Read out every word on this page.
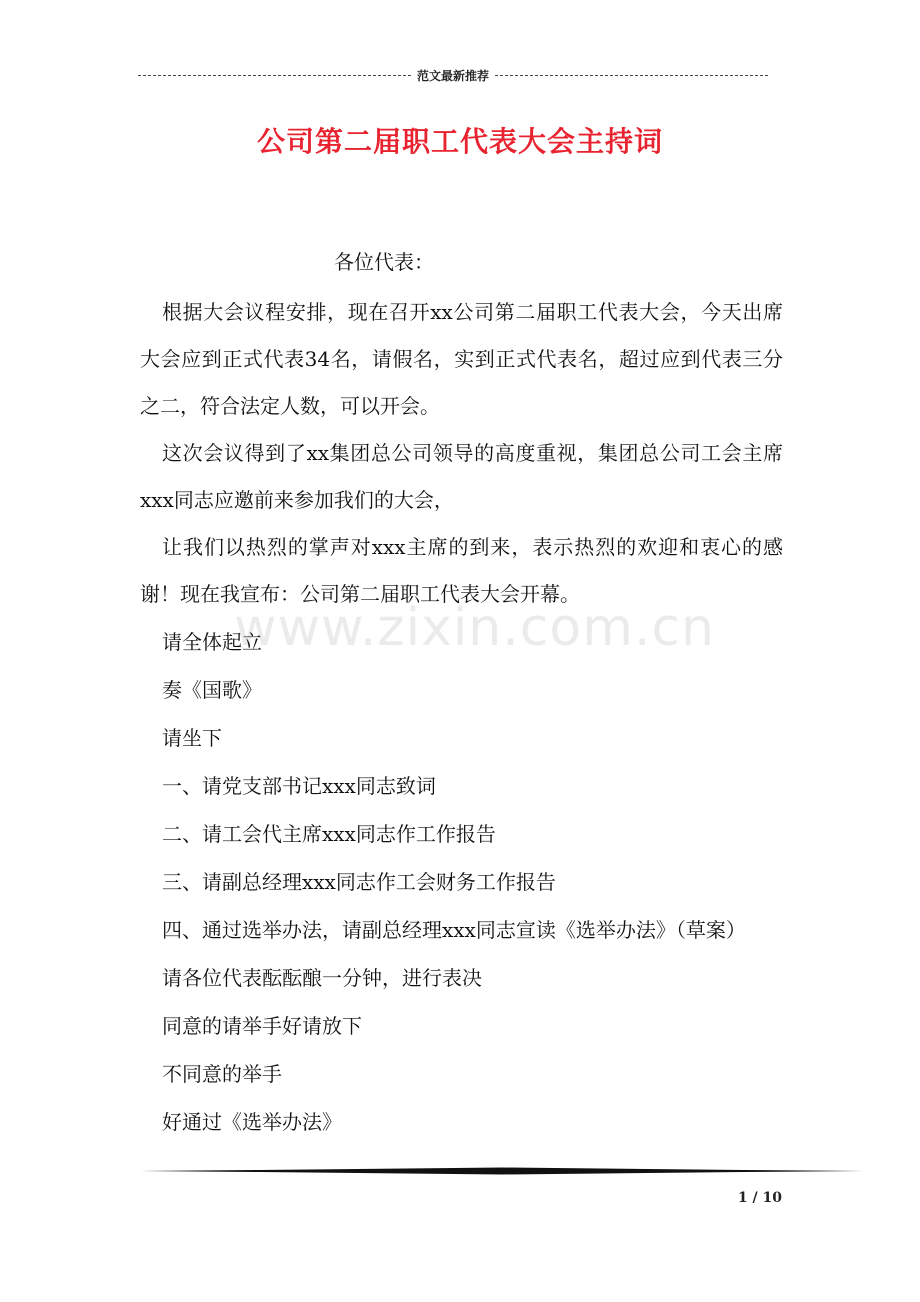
范文最新推荐
公司第二届职工代表大会主持词
www.zixin.com.cn

各位代表：

根据大会议程安排，现在召开xx公司第二届职工代表大会，今天出席大会应到正式代表34名，请假名，实到正式代表名，超过应到代表三分之二，符合法定人数，可以开会。

这次会议得到了xx集团总公司领导的高度重视，集团总公司工会主席xxx同志应邀前来参加我们的大会，

让我们以热烈的掌声对xxx主席的到来，表示热烈的欢迎和衷心的感谢！现在我宣布：公司第二届职工代表大会开幕。

请全体起立

奏《国歌》

请坐下

一、请党支部书记xxx同志致词

二、请工会代主席xxx同志作工作报告

三、请副总经理xxx同志作工会财务工作报告

四、通过选举办法，请副总经理xxx同志宣读《选举办法》（草案）

请各位代表酝酝酿一分钟，进行表决

同意的请举手好请放下

不同意的举手

好通过《选举办法》

1 / 10
